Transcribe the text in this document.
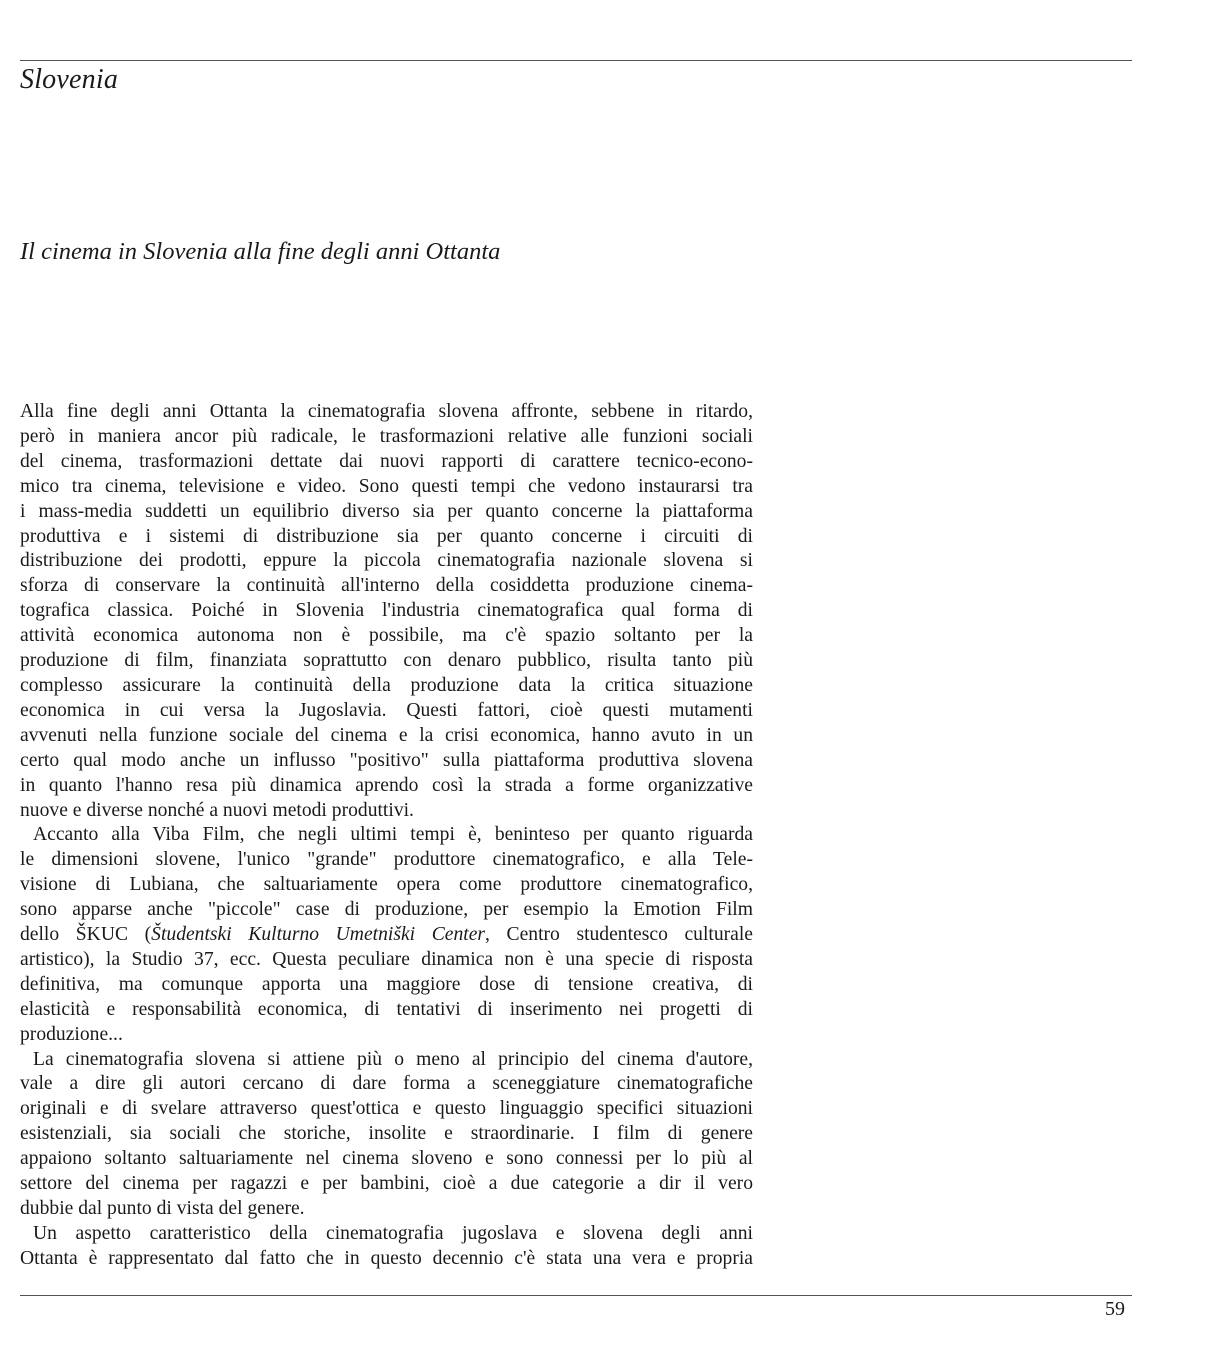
Slovenia
Il cinema in Slovenia alla fine degli anni Ottanta

Alla fine degli anni Ottanta la cinematografia slovena affronte, sebbene in ritardo,

però in maniera ancor più radicale, le trasformazioni relative alle funzioni sociali

del cinema, trasformazioni dettate dai nuovi rapporti di carattere tecnico-econo-

mico tra cinema, televisione e video. Sono questi tempi che vedono instaurarsi tra

i mass-media suddetti un equilibrio diverso sia per quanto concerne la piattaforma

produttiva e i sistemi di distribuzione sia per quanto concerne i circuiti di

distribuzione dei prodotti, eppure la piccola cinematografia nazionale slovena si

sforza di conservare la continuità all'interno della cosiddetta produzione cinema-

tografica classica. Poiché in Slovenia l'industria cinematografica qual forma di

attività economica autonoma non è possibile, ma c'è spazio soltanto per la

produzione di film, finanziata soprattutto con denaro pubblico, risulta tanto più

complesso assicurare la continuità della produzione data la critica situazione

economica in cui versa la Jugoslavia. Questi fattori, cioè questi mutamenti

avvenuti nella funzione sociale del cinema e la crisi economica, hanno avuto in un

certo qual modo anche un influsso "positivo" sulla piattaforma produttiva slovena

in quanto l'hanno resa più dinamica aprendo così la strada a forme organizzative

nuove e diverse nonché a nuovi metodi produttivi.

Accanto alla Viba Film, che negli ultimi tempi è, beninteso per quanto riguarda

le dimensioni slovene, l'unico "grande" produttore cinematografico, e alla Tele-

visione di Lubiana, che saltuariamente opera come produttore cinematografico,

sono apparse anche "piccole" case di produzione, per esempio la Emotion Film

dello ŠKUC (Študentski Kulturno Umetniški Center, Centro studentesco culturale

artistico), la Studio 37, ecc. Questa peculiare dinamica non è una specie di risposta

definitiva, ma comunque apporta una maggiore dose di tensione creativa, di

elasticità e responsabilità economica, di tentativi di inserimento nei progetti di

produzione...

La cinematografia slovena si attiene più o meno al principio del cinema d'autore,

vale a dire gli autori cercano di dare forma a sceneggiature cinematografiche

originali e di svelare attraverso quest'ottica e questo linguaggio specifici situazioni

esistenziali, sia sociali che storiche, insolite e straordinarie. I film di genere

appaiono soltanto saltuariamente nel cinema sloveno e sono connessi per lo più al

settore del cinema per ragazzi e per bambini, cioè a due categorie a dir il vero

dubbie dal punto di vista del genere.

Un aspetto caratteristico della cinematografia jugoslava e slovena degli anni

Ottanta è rappresentato dal fatto che in questo decennio c'è stata una vera e propria

59
